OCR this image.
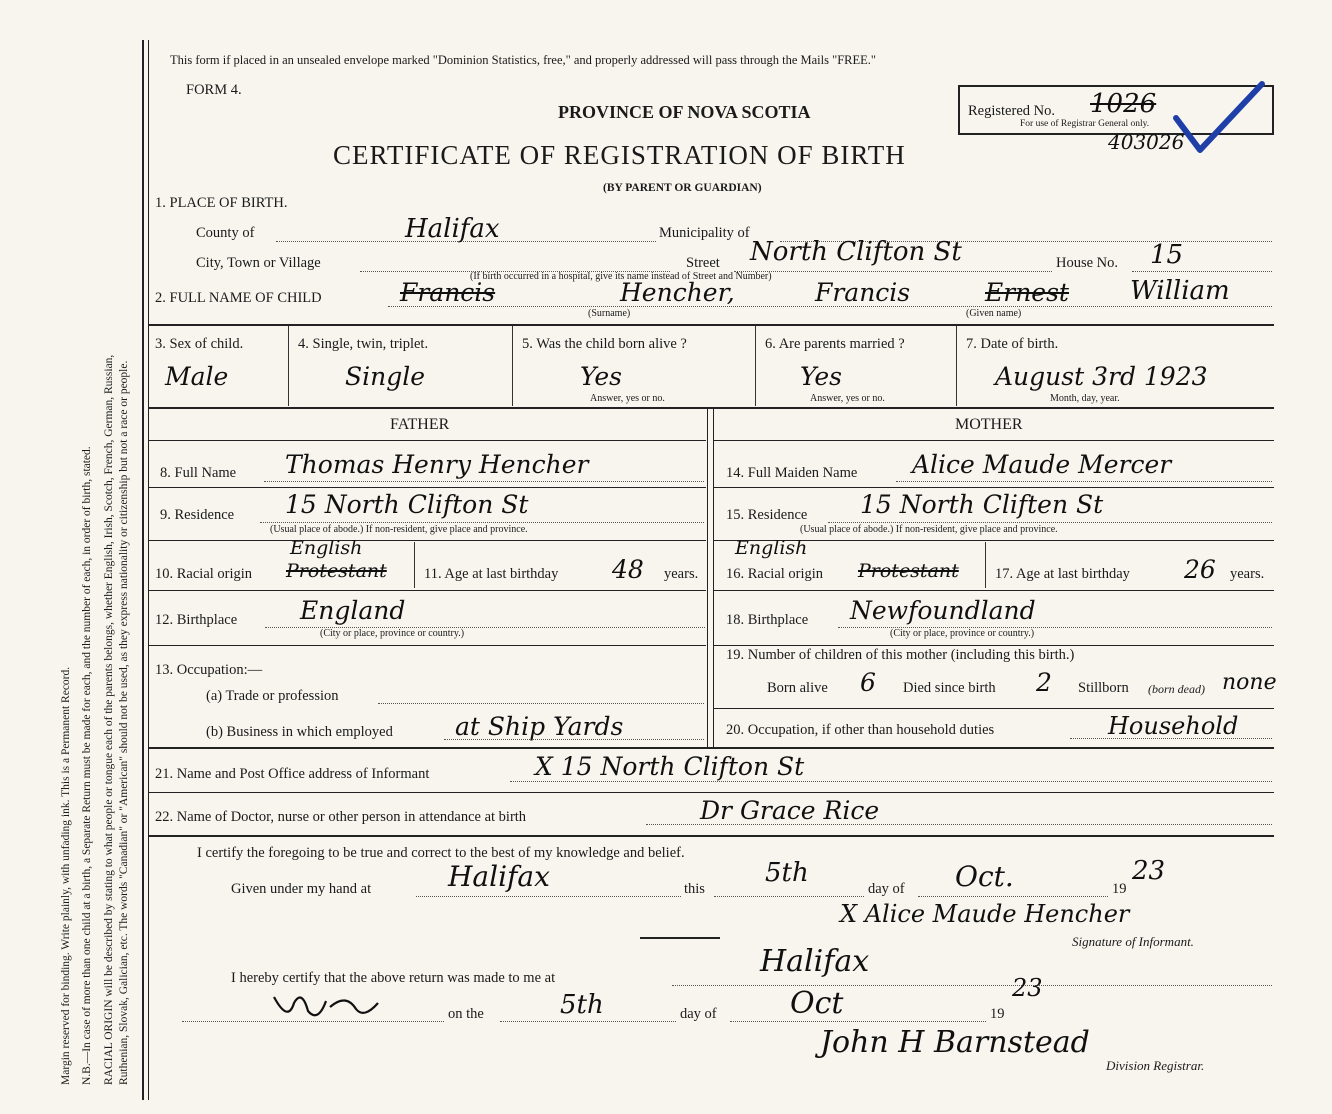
Margin reserved for binding. Write plainly, with unfading ink. This is a Permanent Record. N.B.—In case of more than one child at a birth, a Separate Return must be made for each, and the number of each, in order of birth, stated. RACIAL ORIGIN will be described by stating to what people or tongue each of the parents belongs, whether English, Irish, Scotch, French, German, Russian, Ruthenian, Slovak, Galician, etc. The words "Canadian" or "American" should not be used, as they express nationality or citizenship but not a race or people.
This form if placed in an unsealed envelope marked "Dominion Statistics, free," and properly addressed will pass through the Mails "FREE."
FORM 4.
PROVINCE OF NOVA SCOTIA
CERTIFICATE OF REGISTRATION OF BIRTH
(BY PARENT OR GUARDIAN)
Registered No. 1026
For use of Registrar General only.
403026
1. PLACE OF BIRTH.
County of	Halifax	Municipality of
City, Town or Village	Street North Clifton St	House No. 15
(If birth occurred in a hospital, give its name instead of Street and Number)
2. FULL NAME OF CHILD	Francis	Hencher,	Francis	Ernest William
(Surname)	(Given name)
3. Sex of child.
Male
4. Single, twin, triplet.
Single
5. Was the child born alive ?
Yes
Answer, yes or no.
6. Are parents married ?
Yes
Answer, yes or no.
7. Date of birth.
August 3rd 1923
Month, day, year.
FATHER	MOTHER
8. Full Name Thomas Henry Hencher
9. Residence 15 North Clifton St
(Usual place of abode.) If non-resident, give place and province.
10. Racial origin
English
Protestant	11. Age at last birthday 48 years.
12. Birthplace	England
(City or place, province or country.)
13. Occupation:—
(a) Trade or profession
(b) Business in which employed at Ship Yards
14. Full Maiden Name Alice Maude Mercer
15. Residence 15 North Cliften St
(Usual place of abode.) If non-resident, give place and province.
16. Racial origin
English
Protestant 17. Age at last birthday 26 years.
18. Birthplace Newfoundland
(City or place, province or country.)
19. Number of children of this mother (including this birth.)
Born alive 6 Died since birth 2 Stillborn (born dead) none
20. Occupation, if other than household duties	Household
21. Name and Post Office address of Informant	X 15 North Clifton St
22. Name of Doctor, nurse or other person in attendance at birth	Dr Grace Rice
I certify the foregoing to be true and correct to the best of my knowledge and belief.
Given under my hand at	Halifax	this
5th
day of Oct.	19
23
X Alice Maude Hencher
Signature of Informant.
I hereby certify that the above return was made to me at	Halifax
on the	5th	day of Oct	19
23
John H Barnstead
Division Registrar.
